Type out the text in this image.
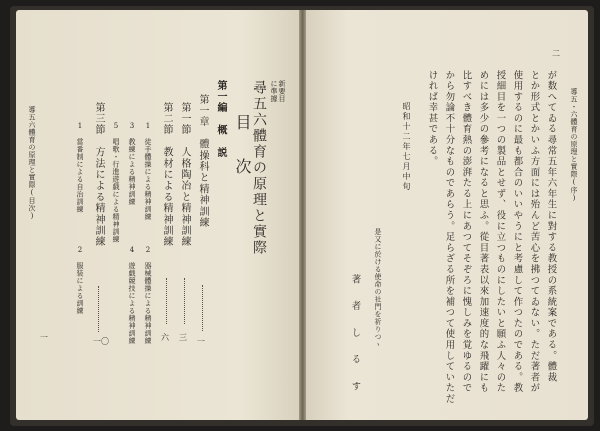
導五六體育の原理と實際(目次)
新要目
に準據
尋五六體育の原理と實際
目　次
第一編　概　説
第一章　體操科と精神訓練
一
第一節　人格陶冶と精神訓練
三
第二節　教材による精神訓練
六
1　徒手體操による精神訓練
2　器械體操による精神訓練
3　教練による精神訓練
4　遊戯競技による精神訓練
5　唱歌・行進遊戯による精神訓練
第三節　方法による精神訓練
一〇
1　當番制による自治訓練
2　服装による訓練
一
二
導五・六體育の原理と實際(序)
が数へてゐる尋常五年六年生に對する教授の系統案である。體裁
とか形式とかいふ方面には殆んど苦心を拂つてゐない。ただ著者が
使用するのに最も都合のいいやうにと考慮して作つたのである。教
授細目を一つの製品とせず、役に立つものにしたいと願ふ人々のた
めには多少の參考になると思ふ。從目著表以來加速度的な飛躍にも
比すべき體育熱の澎湃たる上にあつてそぞろに愧しみを覚ゆるので
から勿論不十分なものであらう。足らざる所を補つて使用していただ
ければ幸甚である。
昭和十二年七月中旬
是又に於ける使命の社門を祈りつゝ
著　者　し　る　す
